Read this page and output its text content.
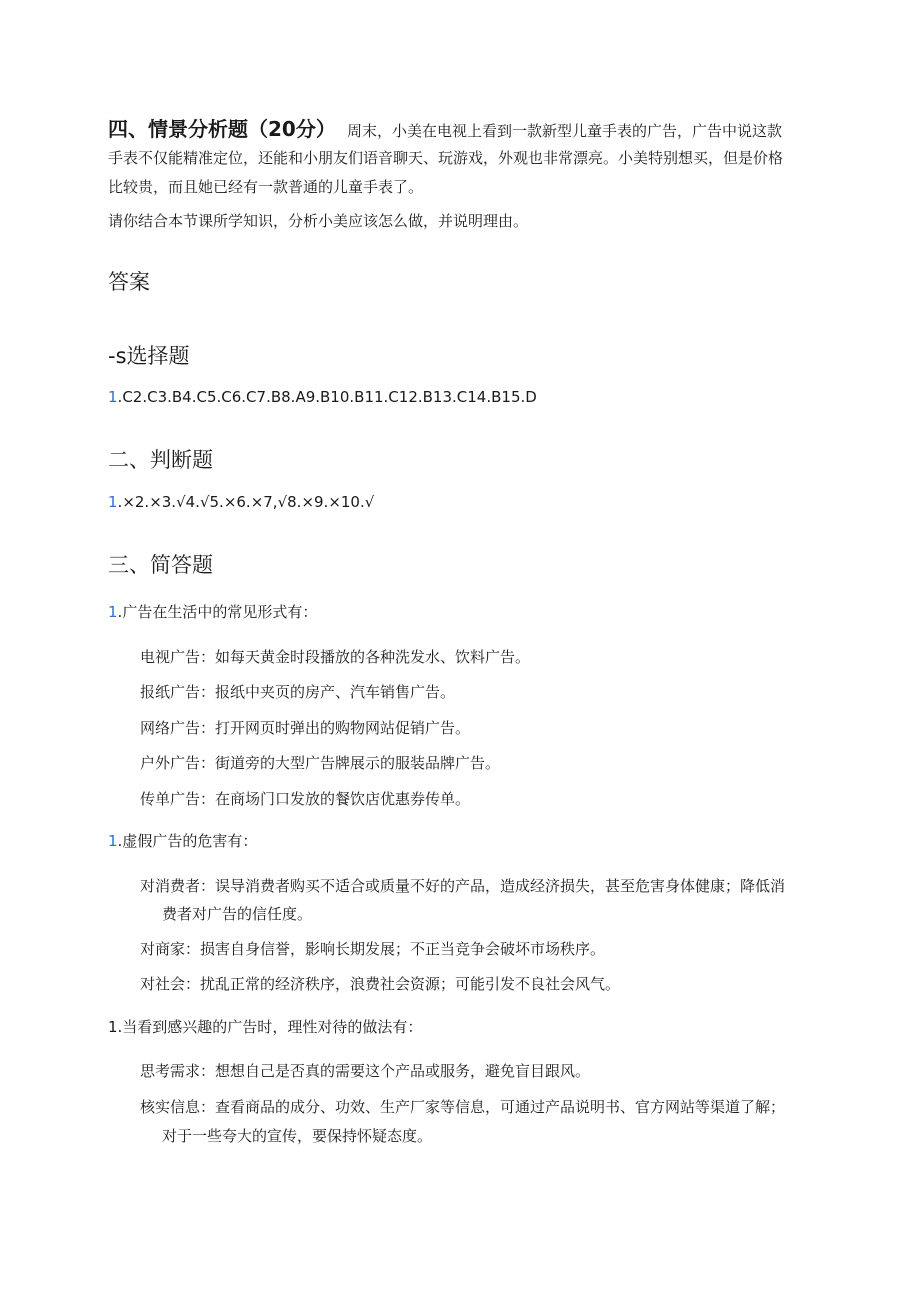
四、情景分析题（20分） 周末，小美在电视上看到一款新型儿童手表的广告，广告中说这款
手表不仅能精准定位，还能和小朋友们语音聊天、玩游戏，外观也非常漂亮。小美特别想买，但是价格
比较贵，而且她已经有一款普通的儿童手表了。
请你结合本节课所学知识，分析小美应该怎么做，并说明理由。
答案
-s选择题
1.C2.C3.B4.C5.C6.C7.B8.A9.B10.B11.C12.B13.C14.B15.D
二、判断题
1.×2.×3.√4.√5.×6.×7,√8.×9.×10.√
三、简答题
1.广告在生活中的常见形式有：
电视广告：如每天黄金时段播放的各种洗发水、饮料广告。
报纸广告：报纸中夹页的房产、汽车销售广告。
网络广告：打开网页时弹出的购物网站促销广告。
户外广告：街道旁的大型广告牌展示的服装品牌广告。
传单广告：在商场门口发放的餐饮店优惠券传单。
1.虚假广告的危害有：
对消费者：误导消费者购买不适合或质量不好的产品，造成经济损失，甚至危害身体健康；降低消
费者对广告的信任度。
对商家：损害自身信誉，影响长期发展；不正当竞争会破坏市场秩序。
对社会：扰乱正常的经济秩序，浪费社会资源；可能引发不良社会风气。
1.当看到感兴趣的广告时，理性对待的做法有：
思考需求：想想自己是否真的需要这个产品或服务，避免盲目跟风。
核实信息：查看商品的成分、功效、生产厂家等信息，可通过产品说明书、官方网站等渠道了解；
对于一些夸大的宣传，要保持怀疑态度。
